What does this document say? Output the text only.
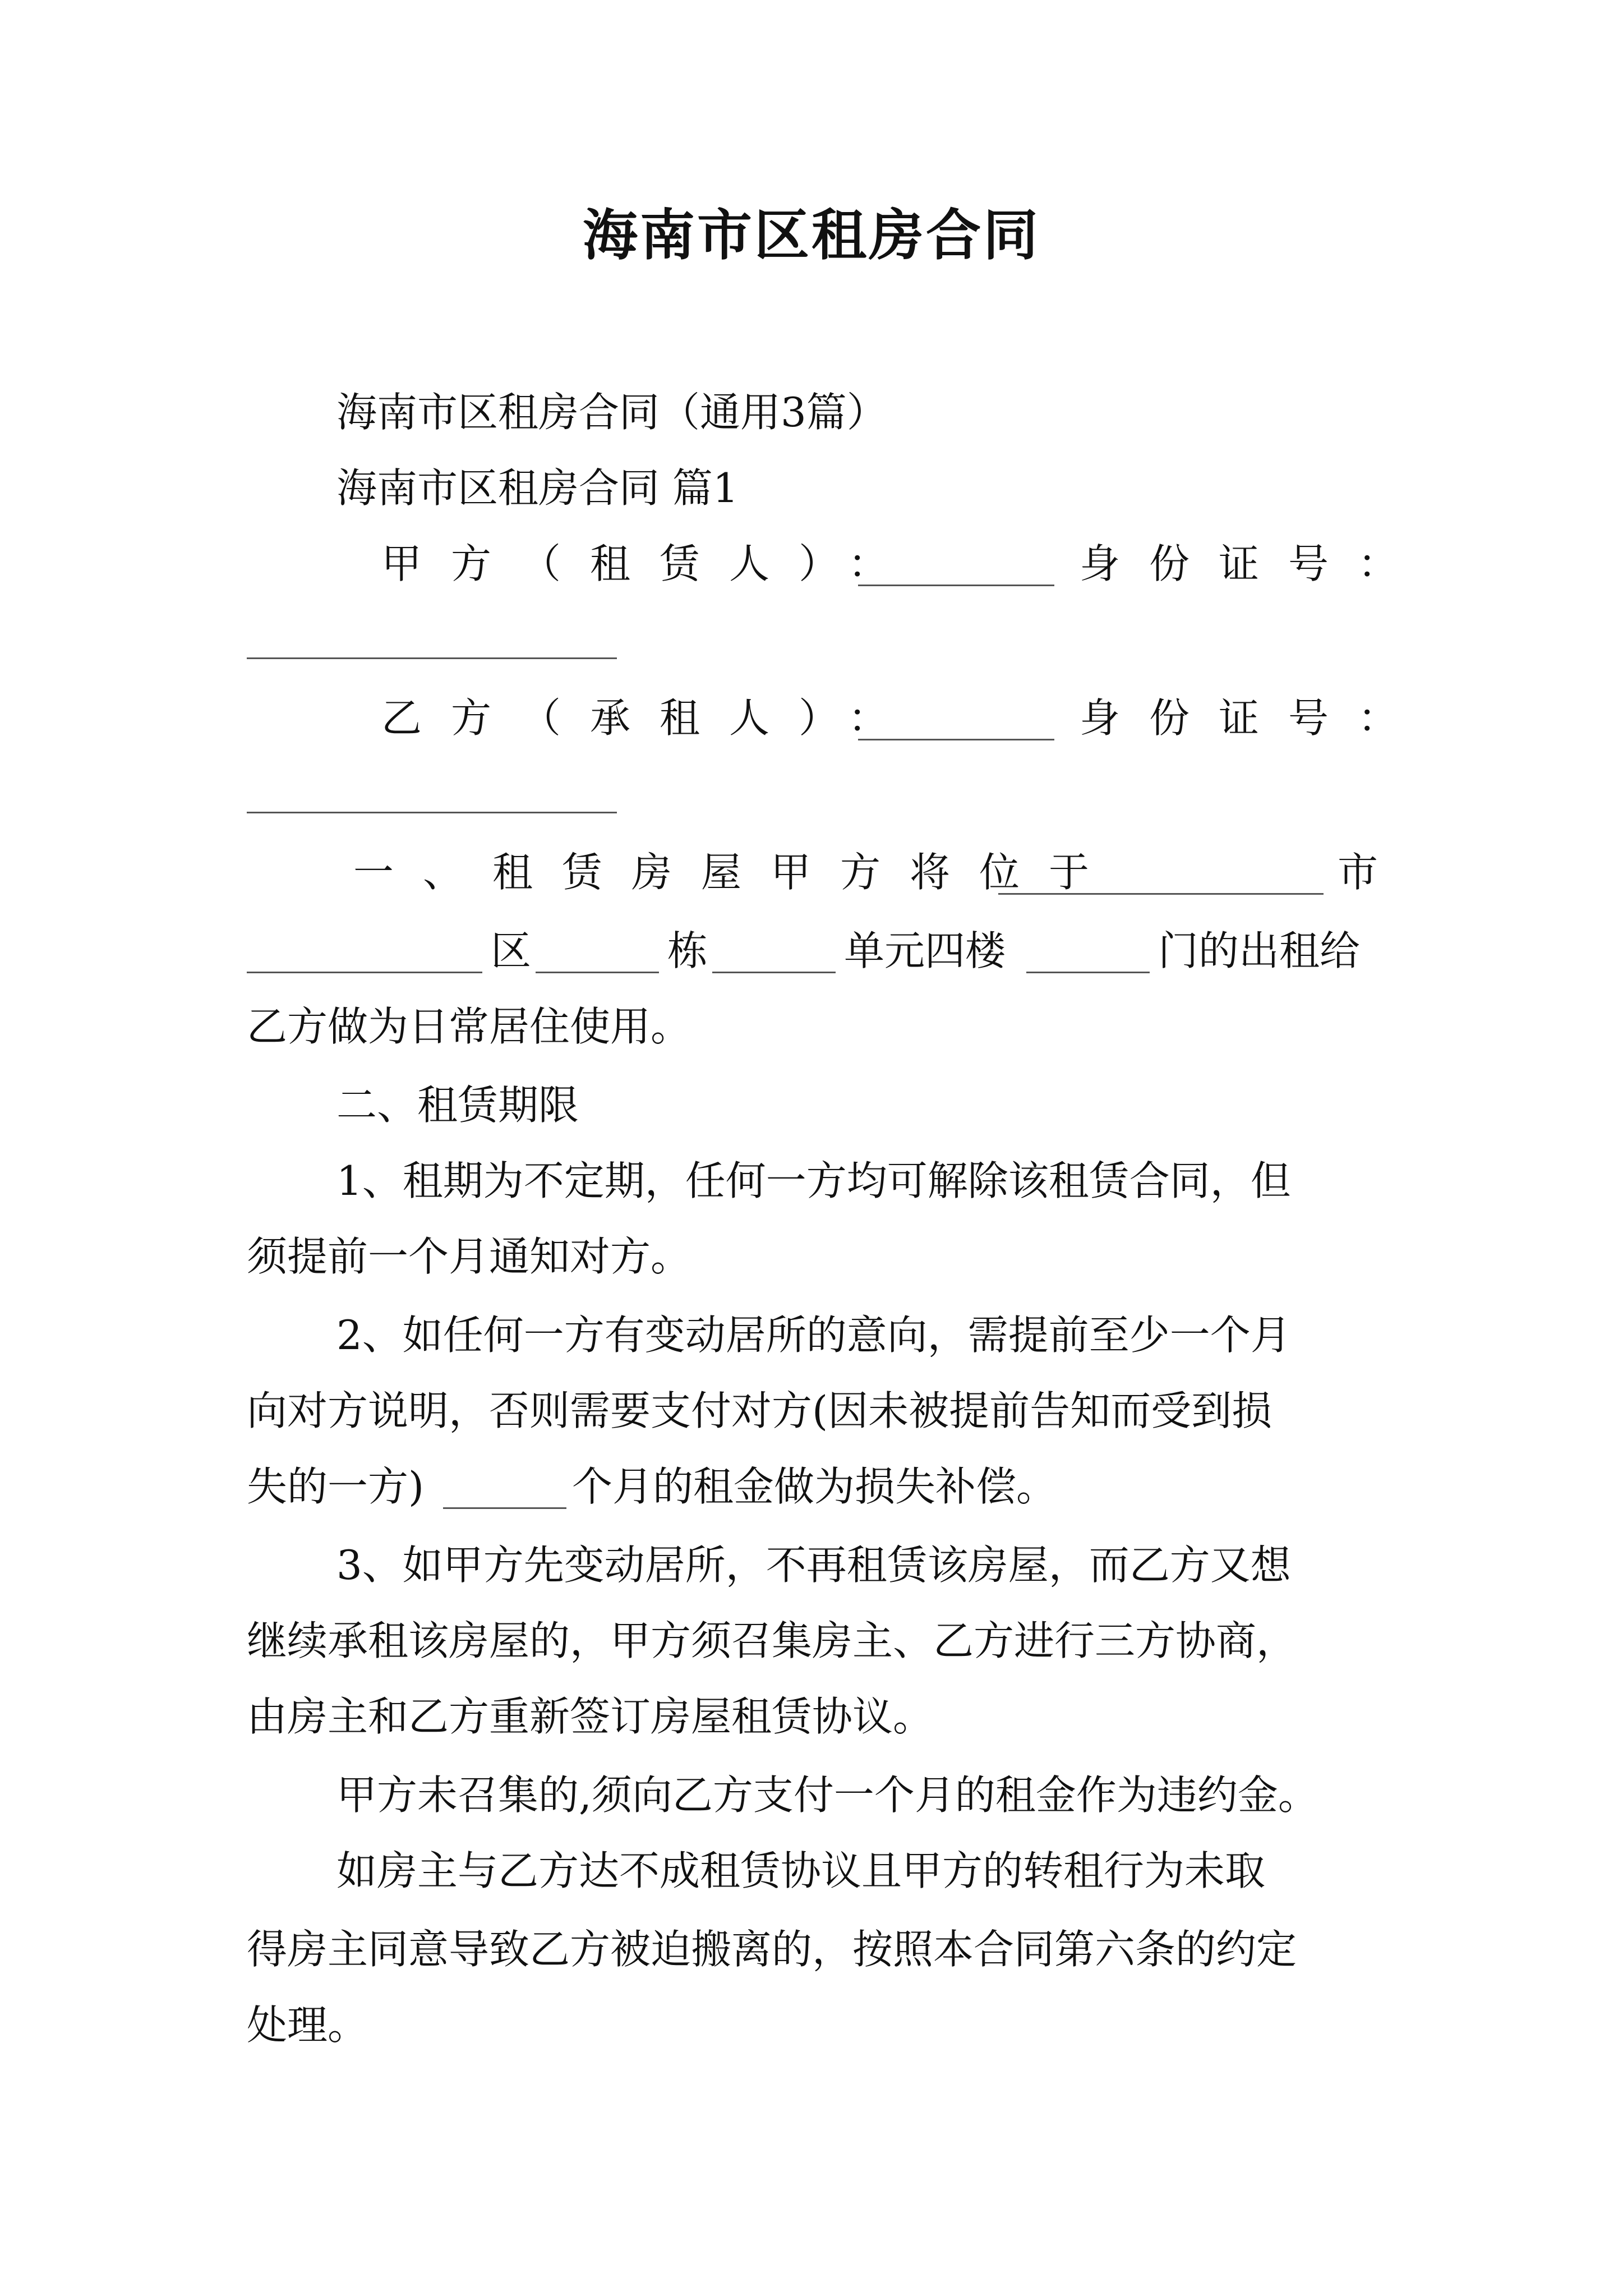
海南市区租房合同
海南市区租房合同（通用3篇）
海南市区租房合同 篇1
甲方（租赁人）：	身份证号：
乙方（承租人）：	身份证号：
一、租赁房屋甲方将位于	市
区	栋	单元四楼	门的出租给
乙方做为日常居住使用。
二、租赁期限
1、租期为不定期，任何一方均可解除该租赁合同，但
须提前一个月通知对方。
2、如任何一方有变动居所的意向，需提前至少一个月
向对方说明，否则需要支付对方(因未被提前告知而受到损
失的一方)	个月的租金做为损失补偿。
3、如甲方先变动居所，不再租赁该房屋，而乙方又想
继续承租该房屋的，甲方须召集房主、乙方进行三方协商，
由房主和乙方重新签订房屋租赁协议。
甲方未召集的,须向乙方支付一个月的租金作为违约金。
如房主与乙方达不成租赁协议且甲方的转租行为未取
得房主同意导致乙方被迫搬离的，按照本合同第六条的约定
处理。
